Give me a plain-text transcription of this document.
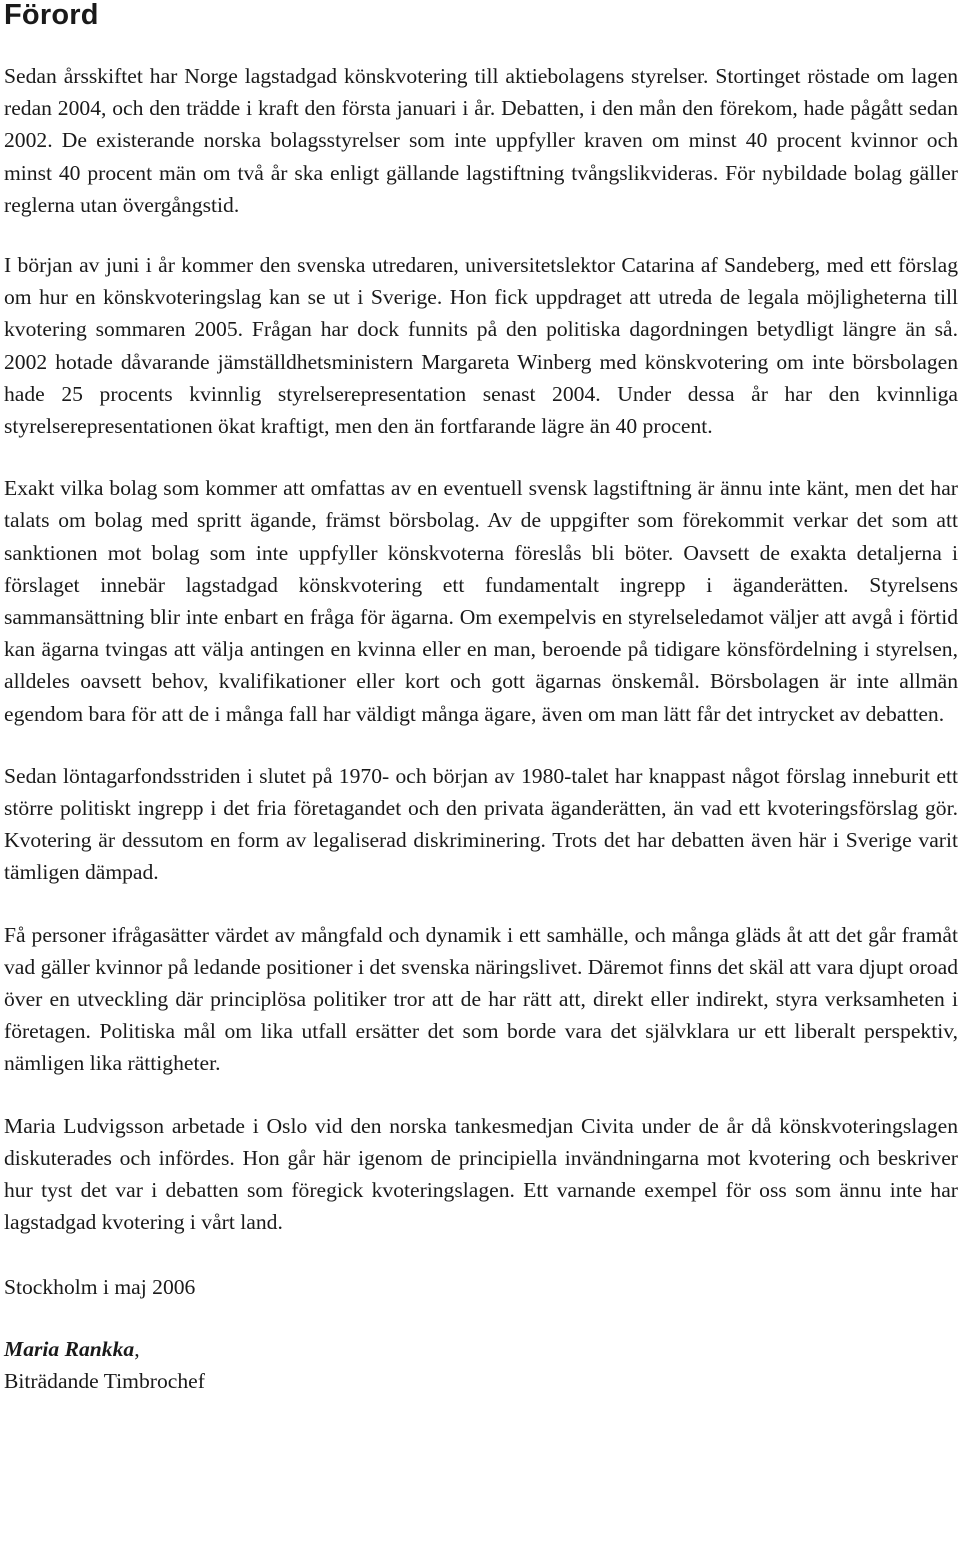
Förord

Sedan årsskiftet har Norge lagstadgad könskvotering till aktiebolagens styrelser. Stortinget röstade om lagen redan 2004, och den trädde i kraft den första januari i år. Debatten, i den mån den förekom, hade pågått sedan 2002. De existerande norska bolagsstyrelser som inte uppfyller kraven om minst 40 procent kvinnor och minst 40 procent män om två år ska enligt gällande lagstiftning tvångslikvideras. För nybildade bolag gäller reglerna utan övergångstid.

I början av juni i år kommer den svenska utredaren, universitetslektor Catarina af Sandeberg, med ett förslag om hur en könskvoteringslag kan se ut i Sverige. Hon fick uppdraget att utreda de legala möjligheterna till kvotering sommaren 2005. Frågan har dock funnits på den politiska dagordningen betydligt längre än så. 2002 hotade dåvarande jämställdhetsministern Margareta Winberg med könskvotering om inte börsbolagen hade 25 procents kvinnlig styrelserepresentation senast 2004. Under dessa år har den kvinnliga styrelserepresentationen ökat kraftigt, men den än fortfarande lägre än 40 procent.

Exakt vilka bolag som kommer att omfattas av en eventuell svensk lagstiftning är ännu inte känt, men det har talats om bolag med spritt ägande, främst börsbolag. Av de uppgifter som förekommit verkar det som att sanktionen mot bolag som inte uppfyller könskvoterna föreslås bli böter. Oavsett de exakta detaljerna i förslaget innebär lagstadgad könskvotering ett fundamentalt ingrepp i äganderätten. Styrelsens sammansättning blir inte enbart en fråga för ägarna. Om exempelvis en styrelseledamot väljer att avgå i förtid kan ägarna tvingas att välja antingen en kvinna eller en man, beroende på tidigare könsfördelning i styrelsen, alldeles oavsett behov, kvalifikationer eller kort och gott ägarnas önskemål. Börsbolagen är inte allmän egendom bara för att de i många fall har väldigt många ägare, även om man lätt får det intrycket av debatten.

Sedan löntagarfondsstriden i slutet på 1970- och början av 1980-talet har knappast något förslag inneburit ett större politiskt ingrepp i det fria företagandet och den privata äganderätten, än vad ett kvoteringsförslag gör. Kvotering är dessutom en form av legaliserad diskriminering. Trots det har debatten även här i Sverige varit tämligen dämpad.

Få personer ifrågasätter värdet av mångfald och dynamik i ett samhälle, och många gläds åt att det går framåt vad gäller kvinnor på ledande positioner i det svenska näringslivet. Däremot finns det skäl att vara djupt oroad över en utveckling där principlösa politiker tror att de har rätt att, direkt eller indirekt, styra verksamheten i företagen. Politiska mål om lika utfall ersätter det som borde vara det självklara ur ett liberalt perspektiv, nämligen lika rättigheter.

Maria Ludvigsson arbetade i Oslo vid den norska tankesmedjan Civita under de år då könskvoteringslagen diskuterades och infördes. Hon går här igenom de principiella invändningarna mot kvotering och beskriver hur tyst det var i debatten som föregick kvoteringslagen. Ett varnande exempel för oss som ännu inte har lagstadgad kvotering i vårt land.

Stockholm i maj 2006

Maria Rankka,
Biträdande Timbrochef
